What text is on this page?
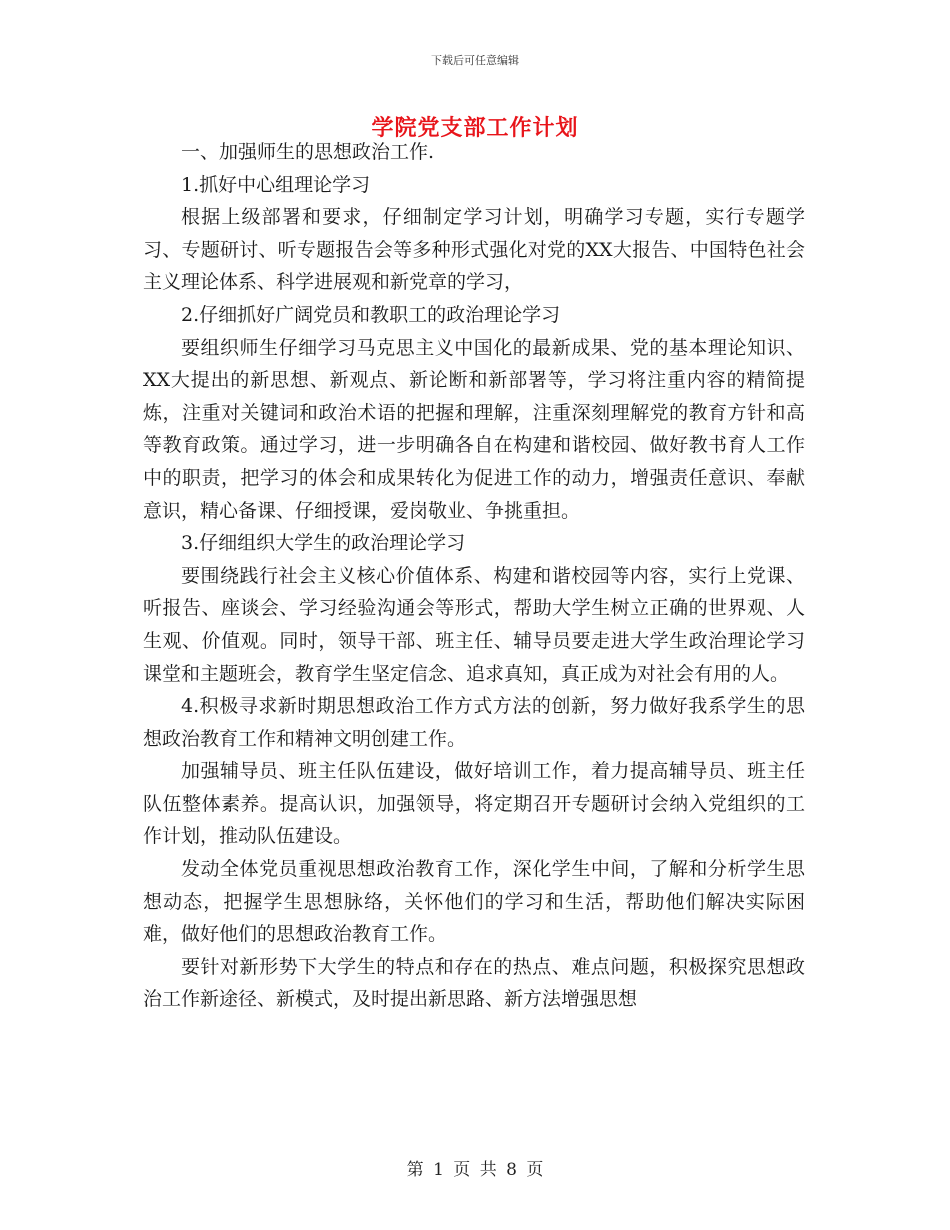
下载后可任意编辑
学院党支部工作计划

一、加强师生的思想政治工作.

1.抓好中心组理论学习

根据上级部署和要求，仔细制定学习计划，明确学习专题，实行专题学习、专题研讨、听专题报告会等多种形式强化对党的XX大报告、中国特色社会主义理论体系、科学进展观和新党章的学习，

2.仔细抓好广阔党员和教职工的政治理论学习

要组织师生仔细学习马克思主义中国化的最新成果、党的基本理论知识、XX大提出的新思想、新观点、新论断和新部署等，学习将注重内容的精简提炼，注重对关键词和政治术语的把握和理解，注重深刻理解党的教育方针和高等教育政策。通过学习，进一步明确各自在构建和谐校园、做好教书育人工作中的职责，把学习的体会和成果转化为促进工作的动力，增强责任意识、奉献意识，精心备课、仔细授课，爱岗敬业、争挑重担。

3.仔细组织大学生的政治理论学习

要围绕践行社会主义核心价值体系、构建和谐校园等内容，实行上党课、听报告、座谈会、学习经验沟通会等形式，帮助大学生树立正确的世界观、人生观、价值观。同时，领导干部、班主任、辅导员要走进大学生政治理论学习课堂和主题班会，教育学生坚定信念、追求真知，真正成为对社会有用的人。

4.积极寻求新时期思想政治工作方式方法的创新，努力做好我系学生的思想政治教育工作和精神文明创建工作。

加强辅导员、班主任队伍建设，做好培训工作，着力提高辅导员、班主任队伍整体素养。提高认识，加强领导，将定期召开专题研讨会纳入党组织的工作计划，推动队伍建设。

发动全体党员重视思想政治教育工作，深化学生中间，了解和分析学生思想动态，把握学生思想脉络，关怀他们的学习和生活，帮助他们解决实际困难，做好他们的思想政治教育工作。

要针对新形势下大学生的特点和存在的热点、难点问题，积极探究思想政治工作新途径、新模式，及时提出新思路、新方法增强思想

第 1 页 共 8 页
